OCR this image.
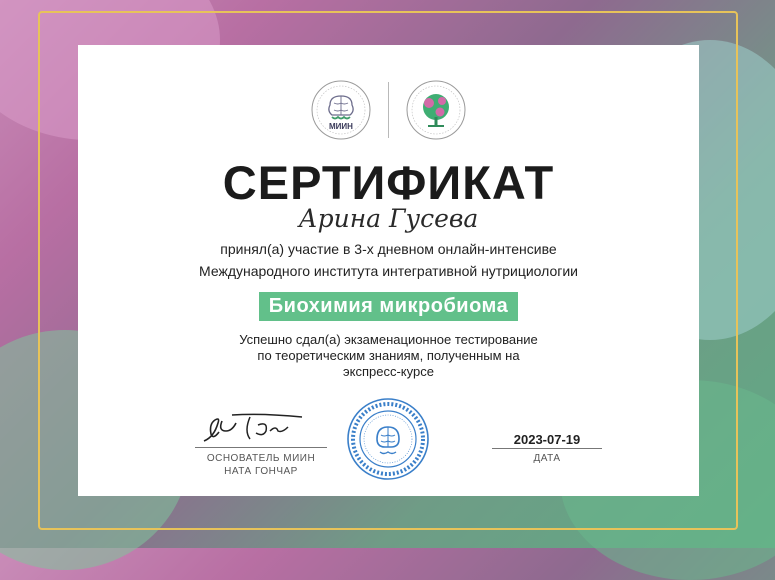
МИИН
СЕРТИФИКАТ
Арина Гусева
принял(а) участие в 3-х дневном онлайн-интенсиве
Международного института интегративной нутрициологии
Биохимия микробиома
Успешно сдал(а) экзаменационное тестирование
по теоретическим знаниям, полученным на
экспресс-курсе
ОСНОВАТЕЛЬ МИИН
НАТА ГОНЧАР
2023-07-19
ДАТА
